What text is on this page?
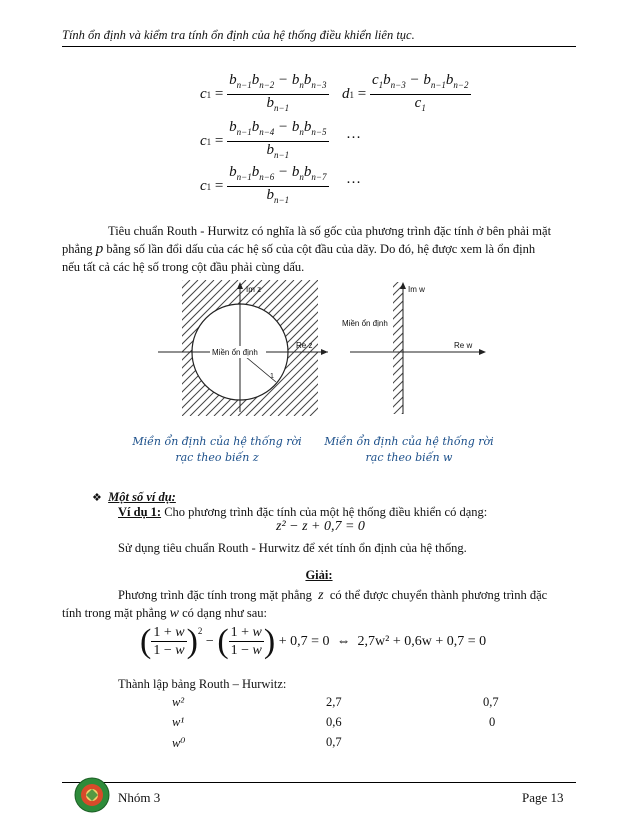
Tính ổn định và kiểm tra tính ổn định của hệ thống điều khiển liên tục.
c $1 = \frac{b_{n-1}b_{n-2} - b_nb_{n-3}}{b_{n-1}}$ d $1 = \frac{c_1b_{n-3} - b_{n-1}b_{n-2}}{c_1}$
c $1 = \frac{b_{n-1}b_{n-4} - b_nb_{n-5}}{b_{n-1}}$ …
c $1 = \frac{b_{n-1}b_{n-6} - b_nb_{n-7}}{b_{n-1}}$ …
Tiêu chuẩn Routh - Hurwitz có nghĩa là số gốc của phương trình đặc tính ở bên phải mặt
phẳng p bằng số lần đổi dấu của các hệ số của cột đầu của dãy. Do đó, hệ được xem là ổn định
nếu tất cả các hệ số trong cột đầu phải cùng dấu.
Im z
Re z
Miền ổn định
1
Im w
Re w
Miền ổn định
Miền ổn định của hệ thống rời
rạc theo biến z
Miền ổn định của hệ thống rời
rạc theo biến w
❖ Một số ví dụ:
Ví dụ 1: Cho phương trình đặc tính của một hệ thống điều khiển có dạng:
z² − z + 0,7 = 0
Sử dụng tiêu chuẩn Routh - Hurwitz để xét tính ổn định của hệ thống.
Giải:
Phương trình đặc tính trong mặt phẳng z có thể được chuyển thành phương trình đặc
tính trong mặt phẳng w có dạng như sau:
( $\frac{1 + w}{1 - w} )^2$
− ( $\frac{1 + w}{1 - w}$ ) + 0,7 = 0 ⇔
2,7w² + 0,6w + 0,7 = 0
Thành lập bảng Routh – Hurwitz:
w²	2,7	0,7
w¹	0,6	0
w⁰	0,7
Nhóm 3	Page 13
